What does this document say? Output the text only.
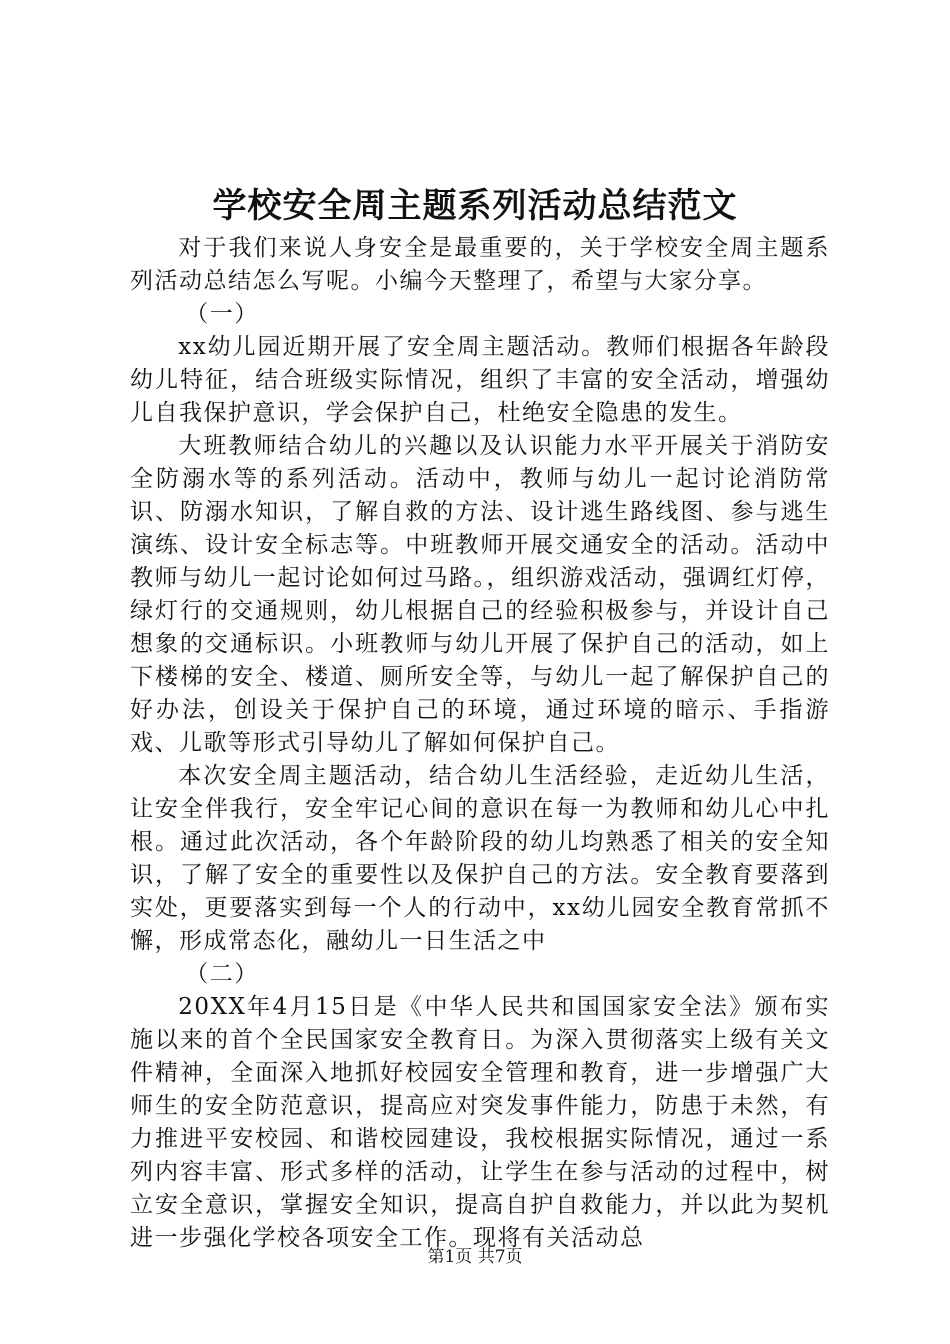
学校安全周主题系列活动总结范文

对于我们来说人身安全是最重要的，关于学校安全周主题系列活动总结怎么写呢。小编今天整理了，希望与大家分享。

（一）

xx幼儿园近期开展了安全周主题活动。教师们根据各年龄段幼儿特征，结合班级实际情况，组织了丰富的安全活动，增强幼儿自我保护意识，学会保护自己，杜绝安全隐患的发生。

大班教师结合幼儿的兴趣以及认识能力水平开展关于消防安全防溺水等的系列活动。活动中，教师与幼儿一起讨论消防常识、防溺水知识，了解自救的方法、设计逃生路线图、参与逃生演练、设计安全标志等。中班教师开展交通安全的活动。活动中教师与幼儿一起讨论如何过马路。，组织游戏活动，强调红灯停，绿灯行的交通规则，幼儿根据自己的经验积极参与，并设计自己想象的交通标识。小班教师与幼儿开展了保护自己的活动，如上下楼梯的安全、楼道、厕所安全等，与幼儿一起了解保护自己的好办法，创设关于保护自己的环境，通过环境的暗示、手指游戏、儿歌等形式引导幼儿了解如何保护自己。

本次安全周主题活动，结合幼儿生活经验，走近幼儿生活，让安全伴我行，安全牢记心间的意识在每一为教师和幼儿心中扎根。通过此次活动，各个年龄阶段的幼儿均熟悉了相关的安全知识，了解了安全的重要性以及保护自己的方法。安全教育要落到实处，更要落实到每一个人的行动中，xx幼儿园安全教育常抓不懈，形成常态化，融幼儿一日生活之中

（二）

20XX年4月15日是《中华人民共和国国家安全法》颁布实施以来的首个全民国家安全教育日。为深入贯彻落实上级有关文件精神，全面深入地抓好校园安全管理和教育，进一步增强广大师生的安全防范意识，提高应对突发事件能力，防患于未然，有力推进平安校园、和谐校园建设，我校根据实际情况，通过一系列内容丰富、形式多样的活动，让学生在参与活动的过程中，树立安全意识，掌握安全知识，提高自护自救能力，并以此为契机进一步强化学校各项安全工作。现将有关活动总

第1页 共7页
